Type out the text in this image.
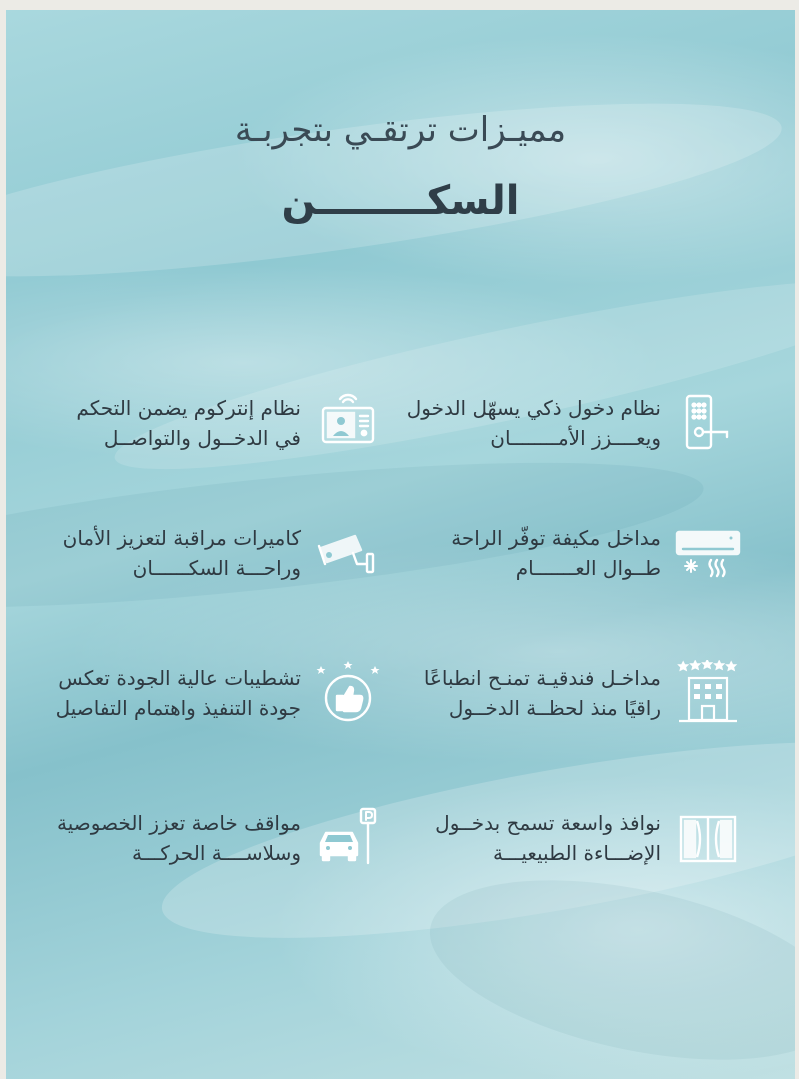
مميـزات ترتقـي بتجربـة
السكــــــــن
نظام دخول ذكي يسهّل الدخول
ويعــــزز الأمــــــــان
نظام إنتركوم يضمن التحكم
في الدخــول والتواصــل
مداخل مكيفة توفّر الراحة
طــوال العـــــــام
كاميرات مراقبة لتعزيز الأمان
وراحـــة السكــــــان
مداخـل فندقيـة تمنـح انطباعًا
راقيًا منذ لحظــة الدخــول
تشطيبات عالية الجودة تعكس
جودة التنفيذ واهتمام التفاصيل
نوافذ واسعة تسمح بدخــول
الإضـــاءة الطبيعيـــة
مواقف خاصة تعزز الخصوصية
وسلاســــة الحركـــة
